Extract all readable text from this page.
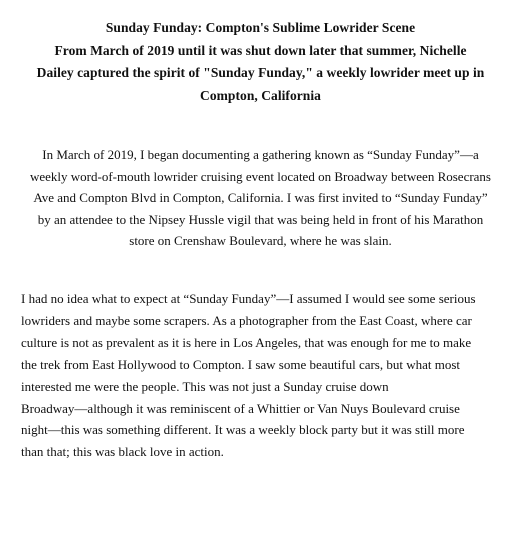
Sunday Funday: Compton's Sublime Lowrider Scene
From March of 2019 until it was shut down later that summer, Nichelle
Dailey captured the spirit of "Sunday Funday," a weekly lowrider meet up in
Compton, California
In March of 2019, I began documenting a gathering known as “Sunday Funday”—a
weekly word-of-mouth lowrider cruising event located on Broadway between Rosecrans
Ave and Compton Blvd in Compton, California. I was first invited to “Sunday Funday”
by an attendee to the Nipsey Hussle vigil that was being held in front of his Marathon
store on Crenshaw Boulevard, where he was slain.
I had no idea what to expect at “Sunday Funday”—I assumed I would see some serious
lowriders and maybe some scrapers. As a photographer from the East Coast, where car
culture is not as prevalent as it is here in Los Angeles, that was enough for me to make
the trek from East Hollywood to Compton. I saw some beautiful cars, but what most
interested me were the people. This was not just a Sunday cruise down
Broadway—although it was reminiscent of a Whittier or Van Nuys Boulevard cruise
night—this was something different. It was a weekly block party but it was still more
than that; this was black love in action.
